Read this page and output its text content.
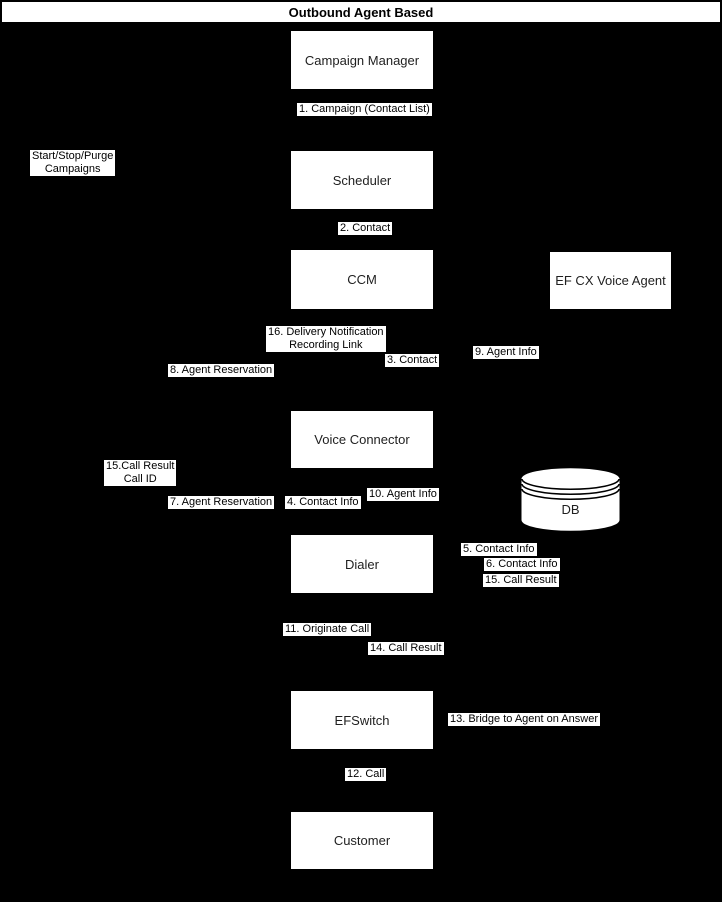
Outbound Agent Based
Campaign Manager
Scheduler
CCM	EF CX Voice Agent
Voice Connector
Dialer
EFSwitch
Customer
DB
1. Campaign (Contact List)
Start/Stop/Purge
Campaigns
2. Contact
16. Delivery Notification
Recording Link
3. Contact
9. Agent Info
8. Agent Reservation
15.Call Result
Call ID
7. Agent Reservation 4. Contact Info
10. Agent Info
5. Contact Info
6. Contact Info
15. Call Result
11. Originate Call
14. Call Result
13. Bridge to Agent on Answer
12. Call
